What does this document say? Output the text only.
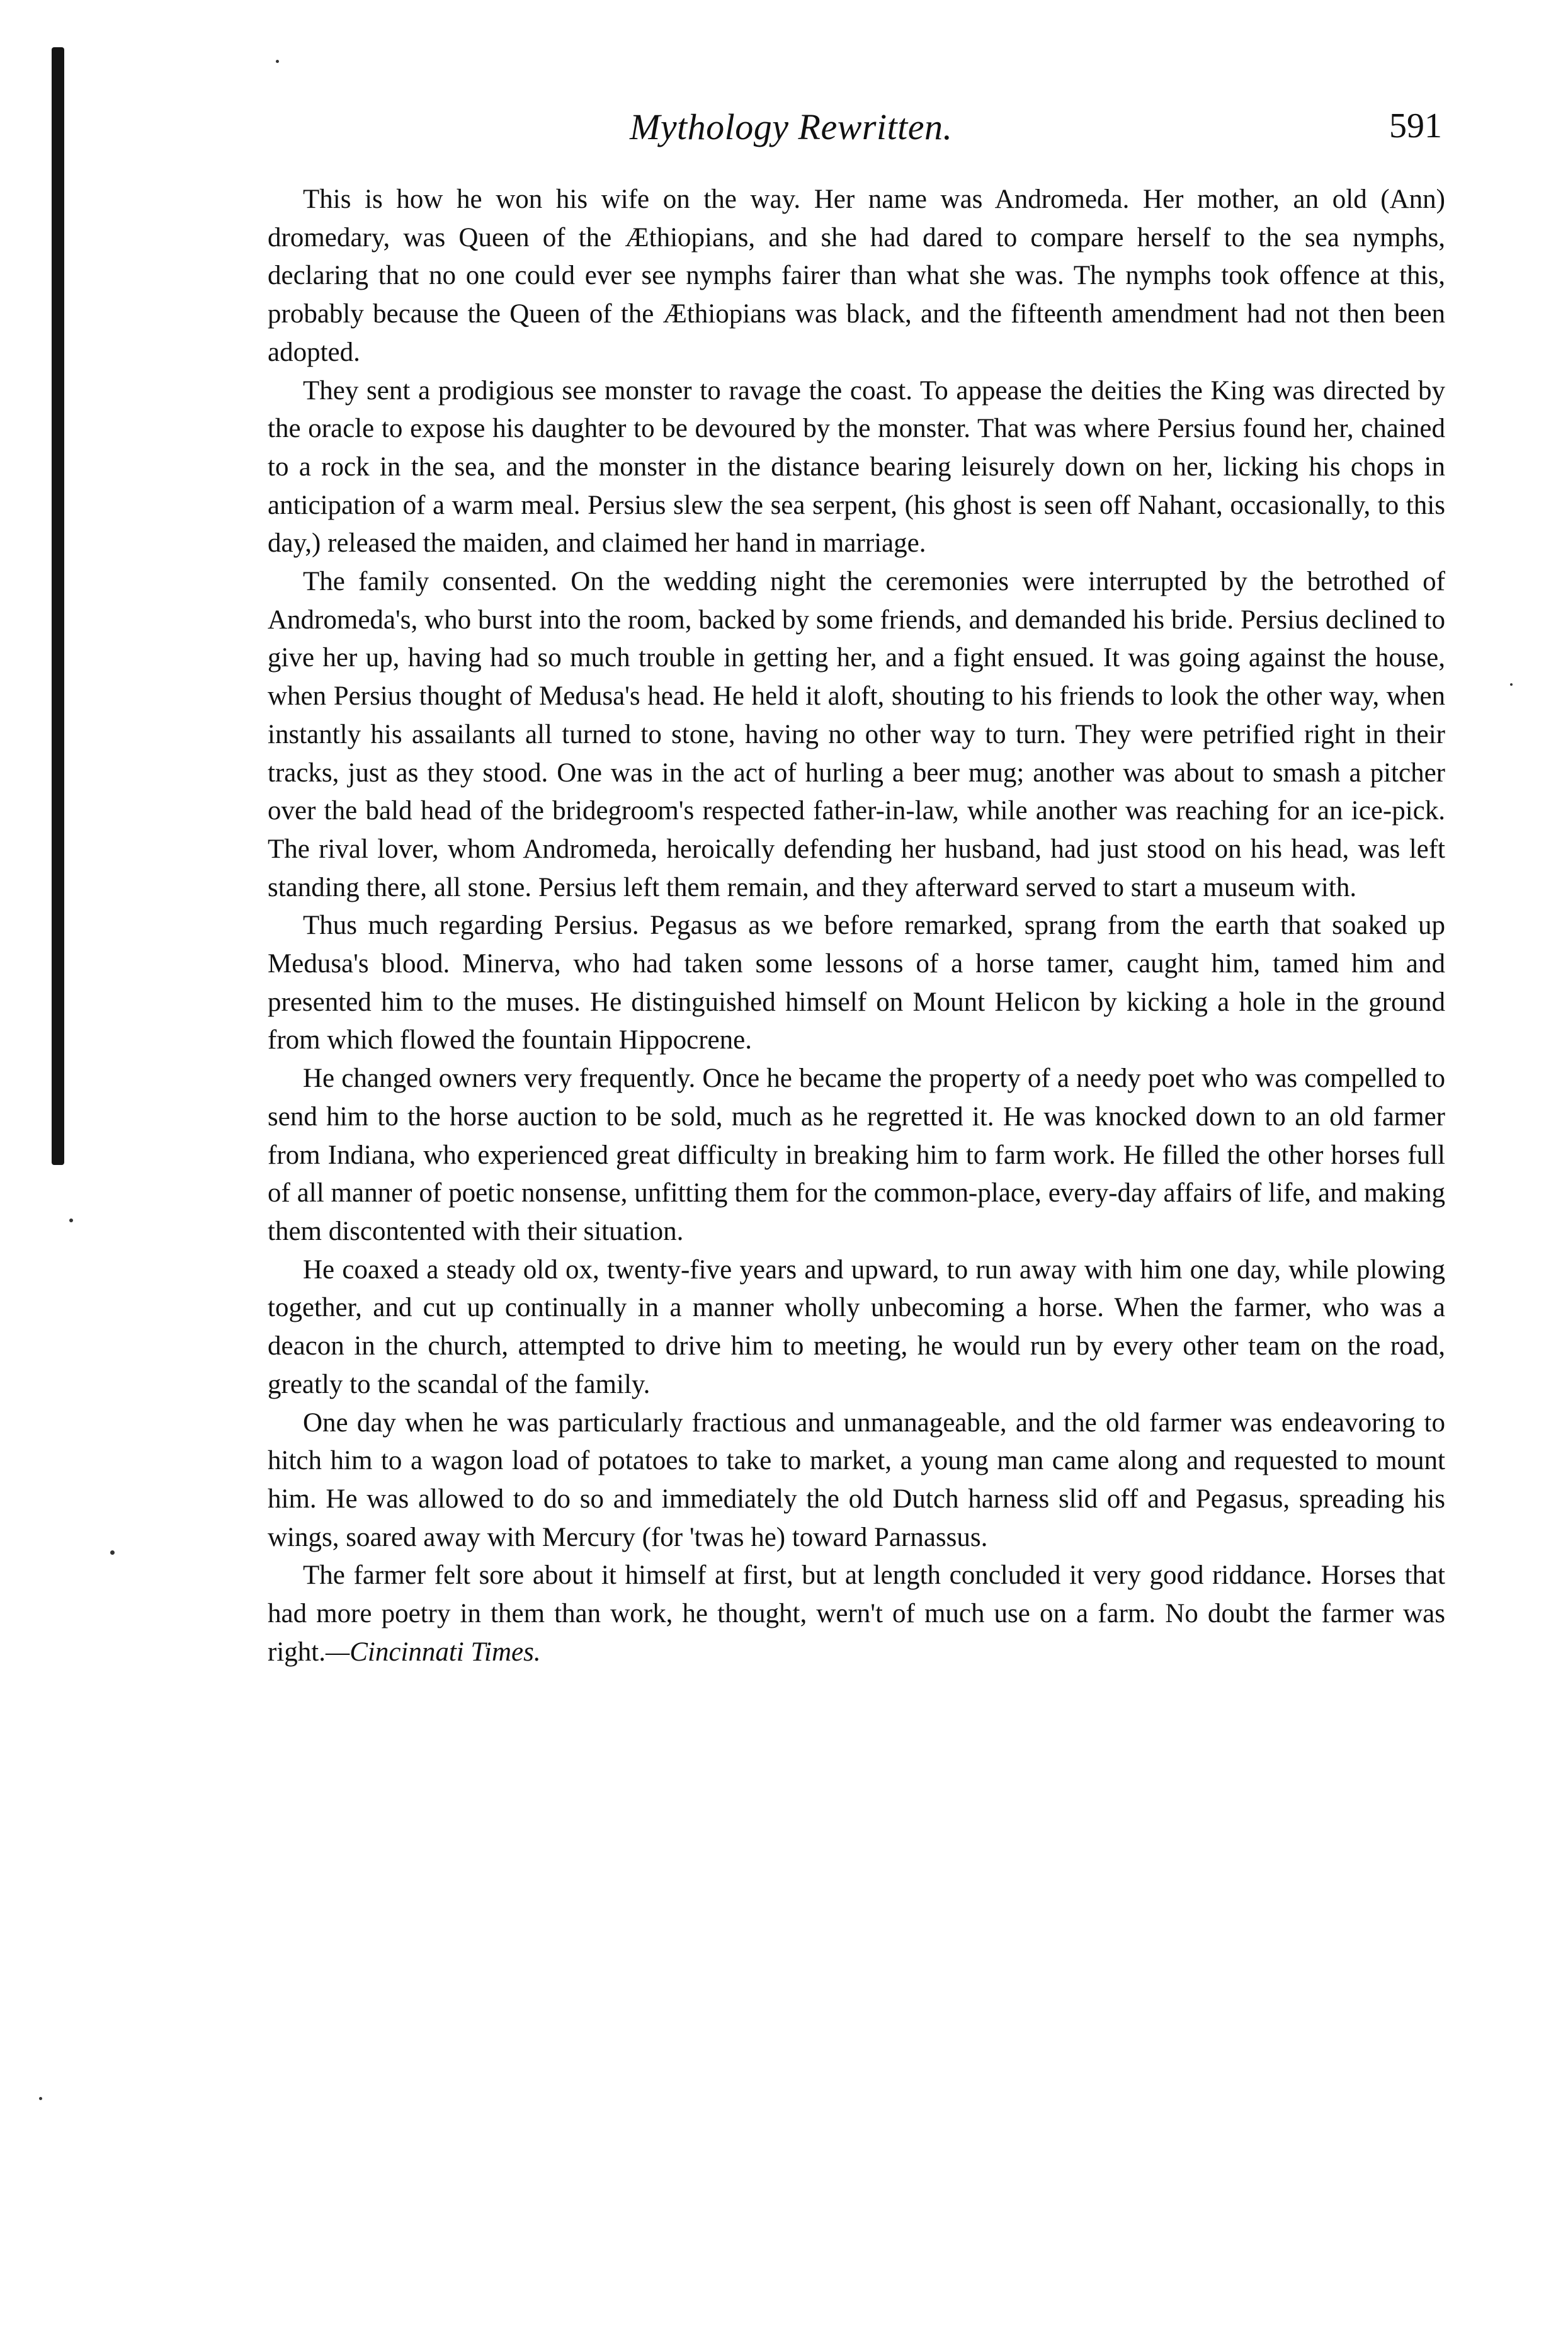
Mythology Rewritten.	591

This is how he won his wife on the way. Her name was Andromeda. Her mother, an old (Ann) dromedary, was Queen of the Æthiopians, and she had dared to compare herself to the sea nymphs, declaring that no one could ever see nymphs fairer than what she was. The nymphs took offence at this, probably because the Queen of the Æthiopians was black, and the fifteenth amendment had not then been adopted.

They sent a prodigious see monster to ravage the coast. To appease the deities the King was directed by the oracle to expose his daughter to be devoured by the monster. That was where Persius found her, chained to a rock in the sea, and the monster in the distance bearing leisurely down on her, licking his chops in anticipation of a warm meal. Persius slew the sea serpent, (his ghost is seen off Nahant, occasionally, to this day,) released the maiden, and claimed her hand in marriage.

The family consented. On the wedding night the ceremonies were interrupted by the betrothed of Andromeda's, who burst into the room, backed by some friends, and demanded his bride. Persius declined to give her up, having had so much trouble in getting her, and a fight ensued. It was going against the house, when Persius thought of Medusa's head. He held it aloft, shouting to his friends to look the other way, when instantly his assailants all turned to stone, having no other way to turn. They were petrified right in their tracks, just as they stood. One was in the act of hurling a beer mug; another was about to smash a pitcher over the bald head of the bridegroom's respected father-in-law, while another was reaching for an ice-pick. The rival lover, whom Andromeda, heroically defending her husband, had just stood on his head, was left standing there, all stone. Persius left them remain, and they afterward served to start a museum with.

Thus much regarding Persius. Pegasus as we before remarked, sprang from the earth that soaked up Medusa's blood. Minerva, who had taken some lessons of a horse tamer, caught him, tamed him and presented him to the muses. He distinguished himself on Mount Helicon by kicking a hole in the ground from which flowed the fountain Hippocrene.

He changed owners very frequently. Once he became the property of a needy poet who was compelled to send him to the horse auction to be sold, much as he regretted it. He was knocked down to an old farmer from Indiana, who experienced great difficulty in breaking him to farm work. He filled the other horses full of all manner of poetic nonsense, unfitting them for the common-place, every-day affairs of life, and making them discontented with their situation.

He coaxed a steady old ox, twenty-five years and upward, to run away with him one day, while plowing together, and cut up continually in a manner wholly unbecoming a horse. When the farmer, who was a deacon in the church, attempted to drive him to meeting, he would run by every other team on the road, greatly to the scandal of the family.

One day when he was particularly fractious and unmanageable, and the old farmer was endeavoring to hitch him to a wagon load of potatoes to take to market, a young man came along and requested to mount him. He was allowed to do so and immediately the old Dutch harness slid off and Pegasus, spreading his wings, soared away with Mercury (for 'twas he) toward Parnassus.

The farmer felt sore about it himself at first, but at length concluded it very good riddance. Horses that had more poetry in them than work, he thought, wern't of much use on a farm. No doubt the farmer was right.—Cincinnati Times.
